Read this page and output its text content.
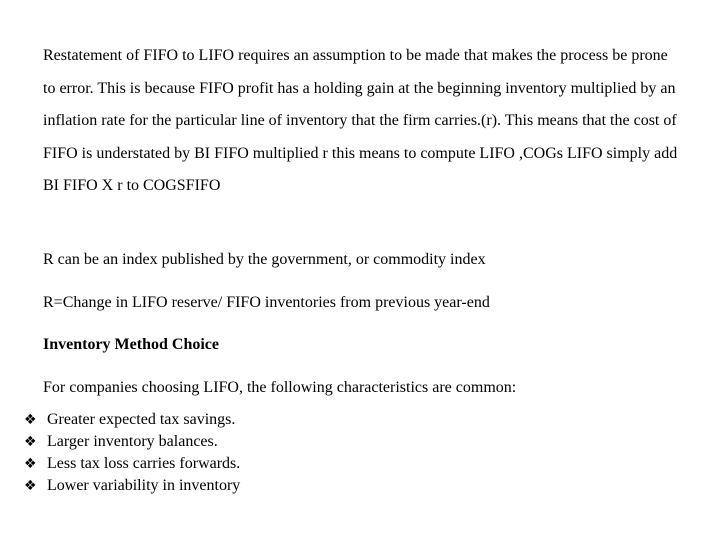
Restatement of FIFO to LIFO requires an assumption to be made that makes the process be prone to error. This is because FIFO profit has a holding gain at the beginning inventory multiplied by an inflation rate for the particular line of inventory that the firm carries.(r). This means that the cost of FIFO is understated by BI FIFO multiplied r this means to compute LIFO ,COGs LIFO simply add BI FIFO X r to COGSFIFO

R can be an index published by the government, or commodity index

R=Change in LIFO reserve/ FIFO inventories from previous year-end

Inventory Method Choice

For companies choosing LIFO, the following characteristics are common:

❖ Greater expected tax savings.
❖ Larger inventory balances.
❖ Less tax loss carries forwards.
❖ Lower variability in inventory
